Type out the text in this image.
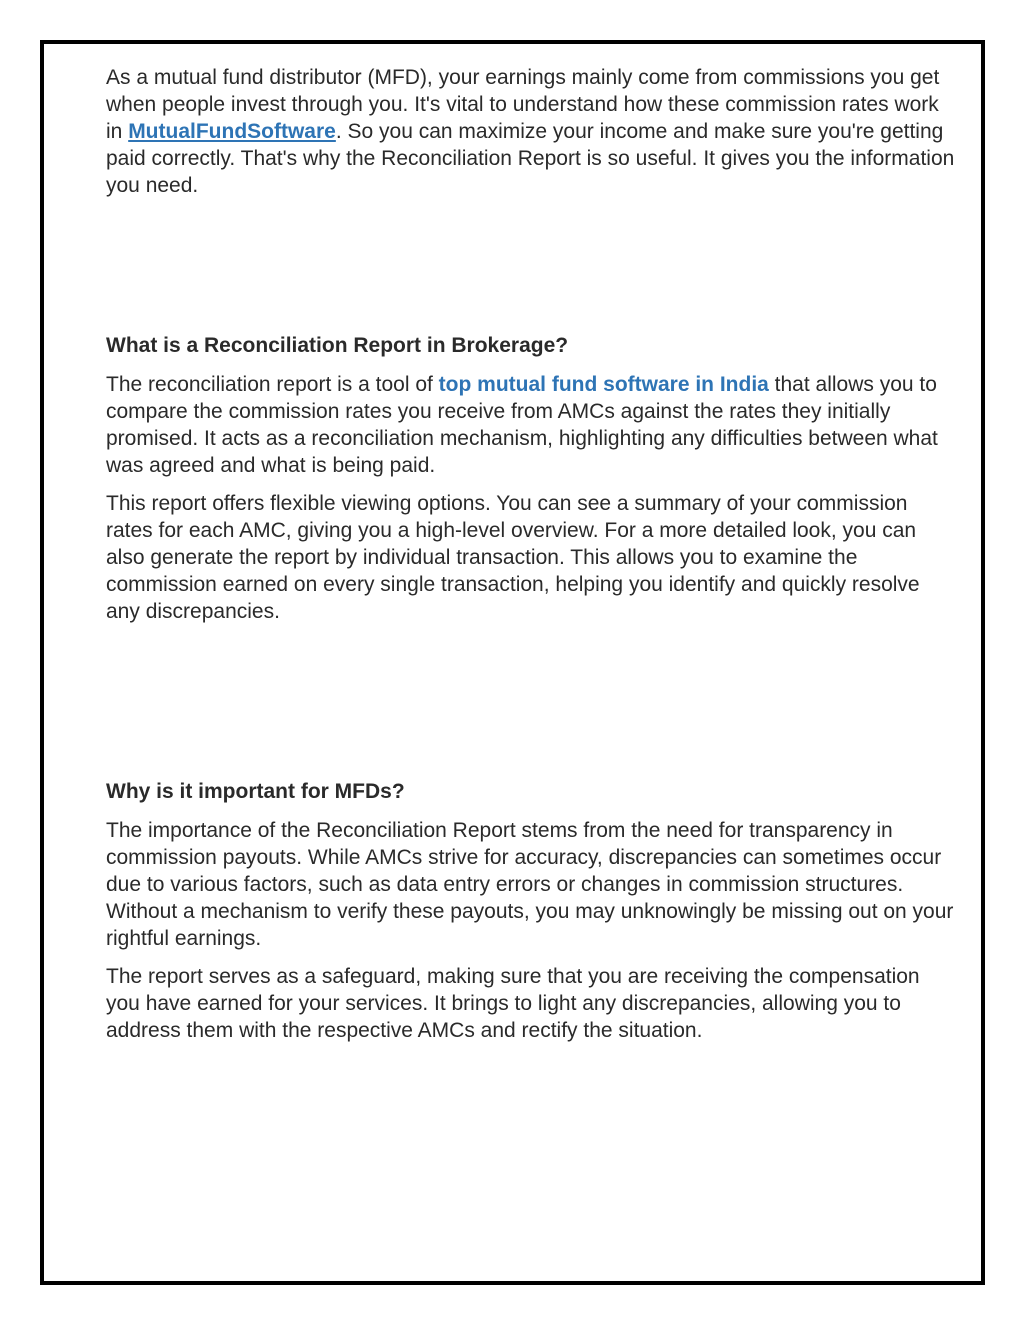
As a mutual fund distributor (MFD), your earnings mainly come from commissions you get when people invest through you. It's vital to understand how these commission rates work in MutualFundSoftware. So you can maximize your income and make sure you're getting paid correctly. That's why the Reconciliation Report is so useful. It gives you the information you need.

What is a Reconciliation Report in Brokerage?

The reconciliation report is a tool of top mutual fund software in India that allows you to compare the commission rates you receive from AMCs against the rates they initially promised. It acts as a reconciliation mechanism, highlighting any difficulties between what was agreed and what is being paid.

This report offers flexible viewing options. You can see a summary of your commission rates for each AMC, giving you a high-level overview. For a more detailed look, you can also generate the report by individual transaction. This allows you to examine the commission earned on every single transaction, helping you identify and quickly resolve any discrepancies.

Why is it important for MFDs?

The importance of the Reconciliation Report stems from the need for transparency in commission payouts. While AMCs strive for accuracy, discrepancies can sometimes occur due to various factors, such as data entry errors or changes in commission structures. Without a mechanism to verify these payouts, you may unknowingly be missing out on your rightful earnings.

The report serves as a safeguard, making sure that you are receiving the compensation you have earned for your services. It brings to light any discrepancies, allowing you to address them with the respective AMCs and rectify the situation.
